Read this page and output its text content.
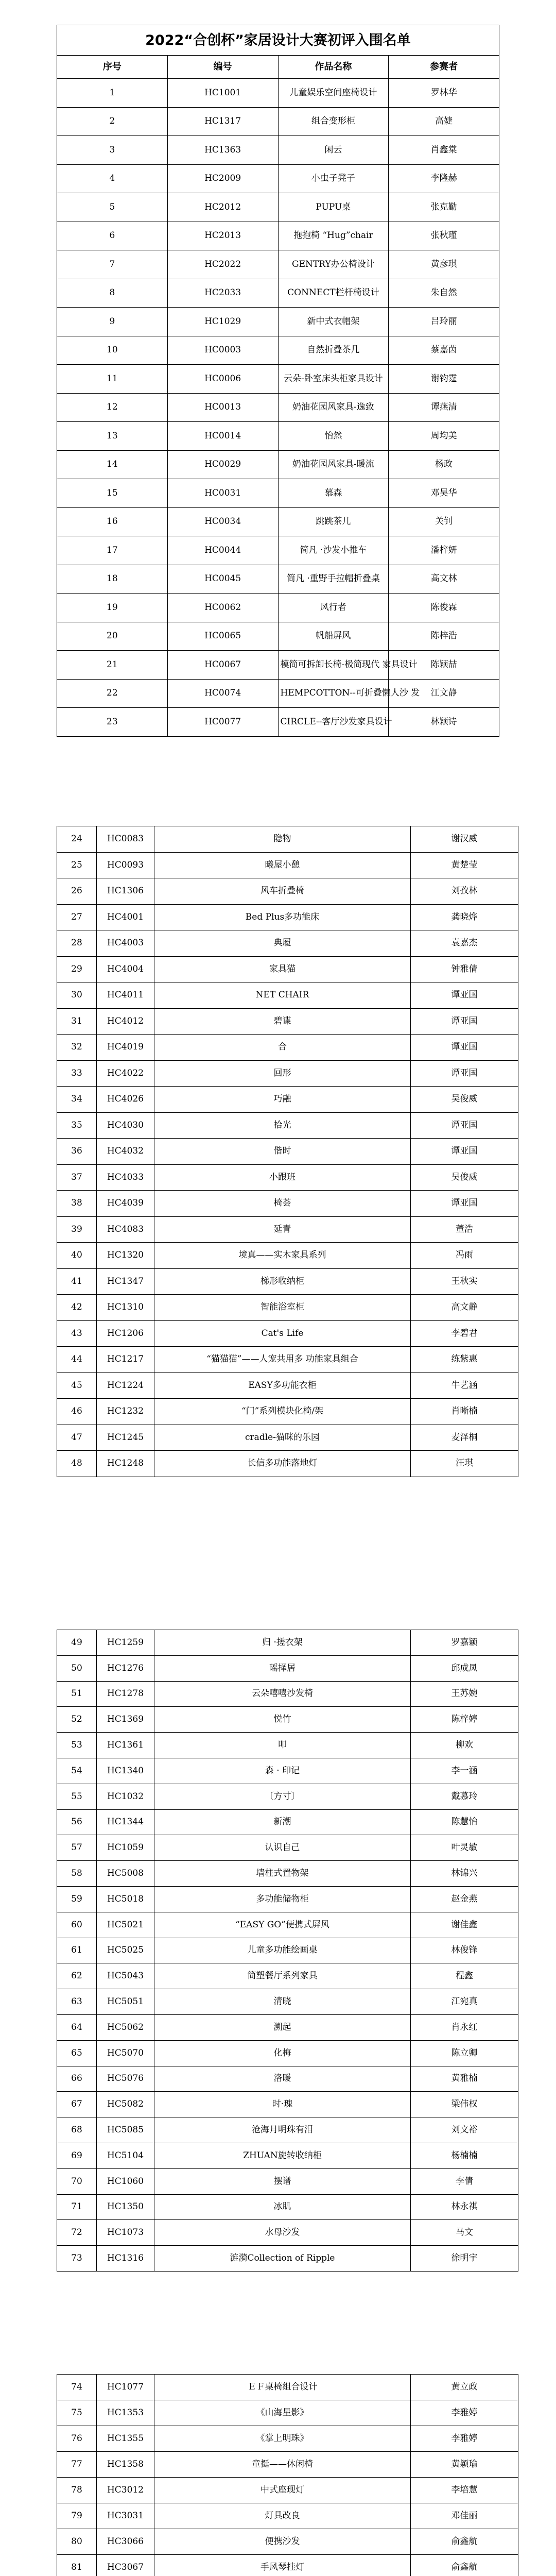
2022“合创杯”家居设计大赛初评入围名单			
序号	编号	作品名称	参赛者
1	HC1001	儿童娱乐空间座椅设计	罗林华
2	HC1317	组合变形柜	高婕
3	HC1363	闲云	肖鑫棠
4	HC2009	小虫子凳子	李隆赫
5	HC2012	PUPU桌	张克勤
6	HC2013	拖抱椅 “Hug”chair	张秋瑾
7	HC2022	GENTRY办公椅设计	黄彦琪
8	HC2033	CONNECT栏杆椅设计	朱自然
9	HC1029	新中式衣帽架	吕玲丽
10	HC0003	自然折叠茶几	蔡嘉茵
11	HC0006	云朵-卧室床头柜家具设计	谢钧霆
12	HC0013	奶油花园风家具-逸致	谭燕清
13	HC0014	怡然	周均美
14	HC0029	奶油花园风家具-暖流	杨政
15	HC0031	慕森	邓昊华
16	HC0034	跳跳茶几	关钊
17	HC0044	简凡 ·沙发小推车	潘梓妍
18	HC0045	简凡 ·重野手拉帽折叠桌	高文林
19	HC0062	风行者	陈俊霖
20	HC0065	帆船屏风	陈梓浩
21	HC0067	模简可拆卸长椅-极简现代 家具设计	陈颖喆
22	HC0074	HEMPCOTTON--可折叠懒人沙 发	江文静
23	HC0077	CIRCLE--客厅沙发家具设计	林颖诗
24	HC0083	隐物	谢汉威
25	HC0093	曦屋小憩	黄楚莹
26	HC1306	风车折叠椅	刘孜林
27	HC4001	Bed Plus多功能床	龚晓烨
28	HC4003	典履	袁嘉杰
29	HC4004	家具猫	钟雅倩
30	HC4011	NET CHAIR	谭亚国
31	HC4012	碧谍	谭亚国
32	HC4019	合	谭亚国
33	HC4022	回形	谭亚国
34	HC4026	巧融	吴俊威
35	HC4030	拾光	谭亚国
36	HC4032	偕时	谭亚国
37	HC4033	小跟班	吴俊威
38	HC4039	椅荟	谭亚国
39	HC4083	延青	董浩
40	HC1320	境真——实木家具系列	冯雨
41	HC1347	梯形收纳柜	王秋实
42	HC1310	智能浴室柜	高文静
43	HC1206	Cat's Life	李碧君
44	HC1217	“猫猫猫”——人宠共用多 功能家具组合	练紫惠
45	HC1224	EASY多功能衣柜	牛艺涵
46	HC1232	“门”系列模块化椅/架	肖晰楠
47	HC1245	cradle-猫咪的乐园	麦泽桐
48	HC1248	长信多功能落地灯	汪琪
49	HC1259	归 ·搓衣架	罗嘉颖
50	HC1276	瑶择居	邱成凤
51	HC1278	云朵嘻嘻沙发椅	王苏婉
52	HC1369	悦竹	陈梓婷
53	HC1361	叩	柳欢
54	HC1340	森 · 印记	李一涵
55	HC1032	〔方寸〕	戴慕玲
56	HC1344	新潮	陈慧怡
57	HC1059	认识自己	叶灵敏
58	HC5008	墙柱式置物架	林锦兴
59	HC5018	多功能储物柜	赵金燕
60	HC5021	“EASY GO”便携式屏风	谢佳鑫
61	HC5025	儿童多功能绘画桌	林俊锋
62	HC5043	简塑餐厅系列家具	程鑫
63	HC5051	清晓	江宛真
64	HC5062	溯起	肖永红
65	HC5070	化梅	陈立卿
66	HC5076	洛暖	黄雅楠
67	HC5082	时·瑰	梁伟权
68	HC5085	沧海月明珠有泪	刘文裕
69	HC5104	ZHUAN旋转收纳柜	杨楠楠
70	HC1060	摆谱	李倩
71	HC1350	冰肌	林永祺
72	HC1073	水母沙发	马文
73	HC1316	涟漪Collection of Ripple	徐明宇
74	HC1077	ＥＦ桌椅组合设计	黄立政
75	HC1353	《山海星影》	李雅婷
76	HC1355	《掌上明珠》	李雅婷
77	HC1358	童挺——休闲椅	黄颖瑜
78	HC3012	中式座现灯	李培慧
79	HC3031	灯具改良	邓佳丽
80	HC3066	便携沙发	俞鑫航
81	HC3067	手风琴挂灯	俞鑫航
